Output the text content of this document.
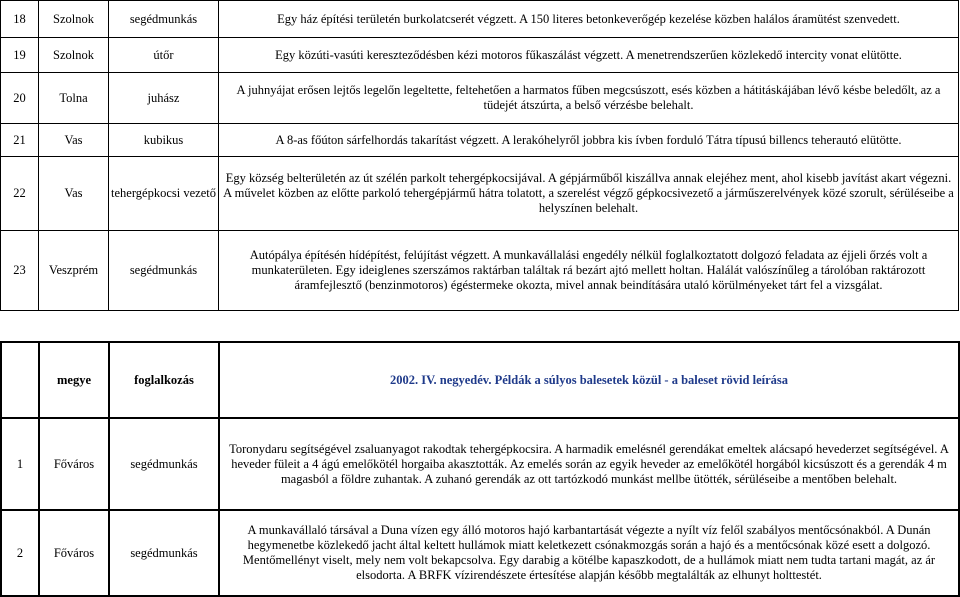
18	Szolnok	segédmunkás	Egy ház építési területén burkolatcserét végzett. A 150 literes betonkeverőgép kezelése közben halálos áramütést szenvedett.
19	Szolnok	útőr	Egy közúti-vasúti kereszteződésben kézi motoros fűkaszálást végzett. A menetrendszerűen közlekedő intercity vonat elütötte.
20	Tolna	juhász	A juhnyájat erősen lejtős legelőn legeltette, feltehetően a harmatos fűben megcsúszott, esés közben a hátitáskájában lévő késbe beledőlt, az a tüdejét átszúrta, a belső vérzésbe belehalt.
21	Vas	kubikus	A 8-as főúton sárfelhordás takarítást végzett. A lerakóhelyről jobbra kis ívben forduló Tátra típusú billencs teherautó elütötte.
22	Vas	tehergépkocsi vezető	Egy község belterületén az út szélén parkolt tehergépkocsijával. A gépjárműből kiszállva annak elejéhez ment, ahol kisebb javítást akart végezni. A művelet közben az előtte parkoló tehergépjármű hátra tolatott, a szerelést végző gépkocsivezető a járműszerelvények közé szorult, sérüléseibe a helyszínen belehalt.
23	Veszprém	segédmunkás	Autópálya építésén hídépítést, felújítást végzett. A munkavállalási engedély nélkül foglalkoztatott dolgozó feladata az éjjeli őrzés volt a munkaterületen. Egy ideiglenes szerszámos raktárban találtak rá bezárt ajtó mellett holtan. Halálát valószínűleg a tárolóban raktározott áramfejlesztő (benzinmotoros) égéstermeke okozta, mivel annak beindítására utaló körülményeket tárt fel a vizsgálat.
	megye	foglalkozás	2002. IV. negyedév. Példák a súlyos balesetek közül - a baleset rövid leírása
1	Főváros	segédmunkás	Toronydaru segítségével zsaluanyagot rakodtak tehergépkocsira. A harmadik emelésnél gerendákat emeltek alácsapó hevederzet segítségével. A heveder füleit a 4 ágú emelőkötél horgaiba akasztották. Az emelés során az egyik heveder az emelőkötél horgából kicsúszott és a gerendák 4 m magasból a földre zuhantak. A zuhanó gerendák az ott tartózkodó munkást mellbe ütötték, sérüléseibe a mentőben belehalt.
2	Főváros	segédmunkás	A munkavállaló társával a Duna vízen egy álló motoros hajó karbantartását végezte a nyílt víz felől szabályos mentőcsónakból. A Dunán hegymenetbe közlekedő jacht által keltett hullámok miatt keletkezett csónakmozgás során a hajó és a mentőcsónak közé esett a dolgozó. Mentőmellényt viselt, mely nem volt bekapcsolva. Egy darabig a kötélbe kapaszkodott, de a hullámok miatt nem tudta tartani magát, az ár elsodorta. A BRFK vízirendészete értesítése alapján később megtalálták az elhunyt holttestét.
